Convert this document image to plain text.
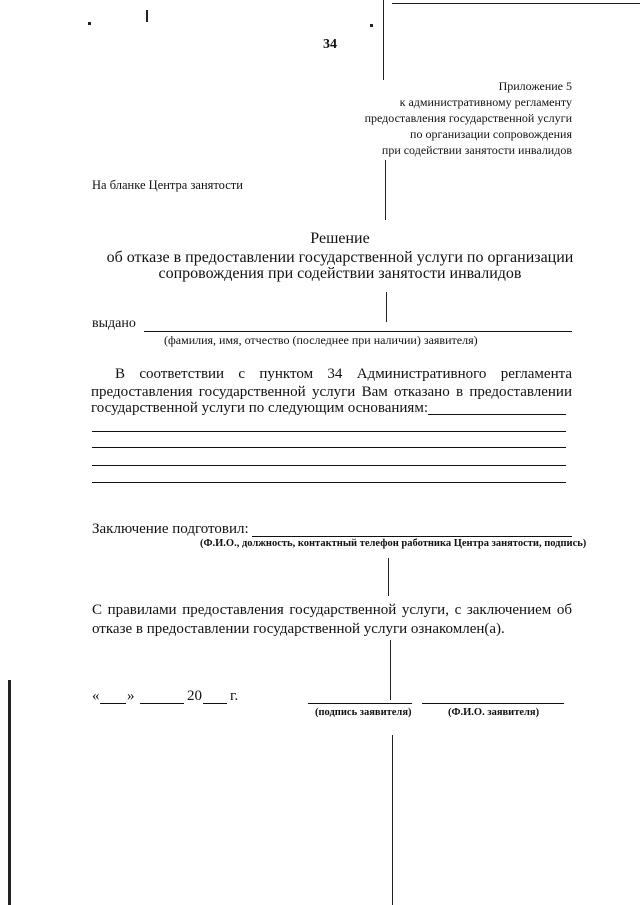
34
Приложение 5
к административному регламенту
предоставления государственной услуги
по организации сопровождения
при содействии занятости инвалидов
На бланке Центра занятости
Решение
об отказе в предоставлении государственной услуги по организации
сопровождения при содействии занятости инвалидов
выдано
(фамилия, имя, отчество (последнее при наличии) заявителя)
В соответствии с пунктом 34 Административного регламента
предоставления государственной услуги Вам отказано в предоставлении
государственной услуги по следующим основаниям:
Заключение подготовил:
(Ф.И.О., должность, контактный телефон работника Центра занятости, подпись)
С правилами предоставления государственной услуги, с заключением об
отказе в предоставлении государственной услуги ознакомлен(а).
« »	20 г.
(подпись заявителя)	(Ф.И.О. заявителя)
